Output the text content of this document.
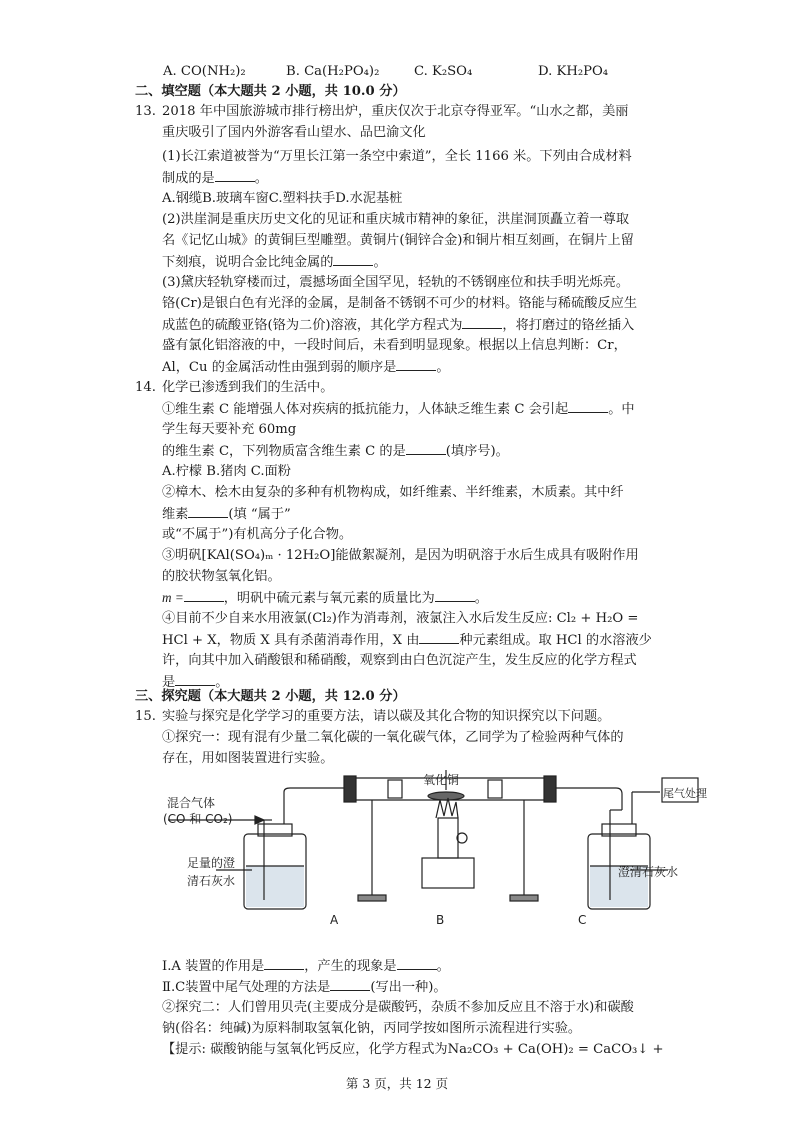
A. CO(NH₂)₂	B. Ca(H₂PO₄)₂	C. K₂SO₄	D. KH₂PO₄
二、填空题（本大题共 2 小题，共 10.0 分）
13. 2018 年中国旅游城市排行榜出炉，重庆仅次于北京夺得亚军。“山水之都，美丽
重庆吸引了国内外游客看山望水、品巴渝文化
(1)长江索道被誉为“万里长江第一条空中索道”，全长 1166 米。下列由合成材料
制成的是	。
A.钢缆B.玻璃车窗C.塑料扶手D.水泥基桩
(2)洪崖洞是重庆历史文化的见证和重庆城市精神的象征，洪崖洞顶矗立着一尊取
名《记忆山城》的黄铜巨型雕塑。黄铜片(铜锌合金)和铜片相互刻画，在铜片上留
下刻痕，说明合金比纯金属的	。
(3)黛庆轻轨穿楼而过，震撼场面全国罕见，轻轨的不锈钢座位和扶手明光烁亮。
铬(Cr)是银白色有光泽的金属，是制备不锈钢不可少的材料。铬能与稀硫酸反应生
成蓝色的硫酸亚铬(铬为二价)溶液，其化学方程式为	，将打磨过的铬丝插入
盛有氯化铝溶液的中，一段时间后，未看到明显现象。根据以上信息判断：Cr，
Al，Cu 的金属活动性由强到弱的顺序是	。
14. 化学已渗透到我们的生活中。
①维生素 C 能增强人体对疾病的抵抗能力，人体缺乏维生素 C 会引起	。中
学生每天要补充 60mg
的维生素 C，下列物质富含维生素 C 的是	(填序号)。
A.柠檬 B.猪肉 C.面粉
②樟木、桧木由复杂的多种有机物构成，如纤维素、半纤维素，木质素。其中纤
维素	(填 “属于”
或“不属于”)有机高分子化合物。
③明矾[KAl(SO₄)ₘ · 12H₂O]能做絮凝剂，是因为明矾溶于水后生成具有吸附作用
的胶状物氢氧化铝。
m =	，明矾中硫元素与氧元素的质量比为	。
④目前不少自来水用液氯(Cl₂)作为消毒剂，液氯注入水后发生反应: Cl₂ + H₂O =
HCl + X，物质 X 具有杀菌消毒作用，X 由	种元素组成。取 HCl 的水溶液少
许，向其中加入硝酸银和稀硝酸，观察到由白色沉淀产生，发生反应的化学方程式
是	。
三、探究题（本大题共 2 小题，共 12.0 分）
15. 实验与探究是化学学习的重要方法，请以碳及其化合物的知识探究以下问题。
①探究一：现有混有少量二氧化碳的一氧化碳气体，乙同学为了检验两种气体的
存在，用如图装置进行实验。
混合气体
(CO 和 CO₂)
氧化铜
尾气处理
足量的澄
清石灰水
澄清石灰水
A	B	C
I.A 装置的作用是	，产生的现象是	。
Ⅱ.C装置中尾气处理的方法是	(写出一种)。
②探究二：人们曾用贝壳(主要成分是碳酸钙，杂质不参加反应且不溶于水)和碳酸
钠(俗名：纯碱)为原料制取氢氧化钠，丙同学按如图所示流程进行实验。
【提示: 碳酸钠能与氢氧化钙反应，化学方程式为Na₂CO₃ + Ca(OH)₂ = CaCO₃↓ +
第 3 页，共 12 页
